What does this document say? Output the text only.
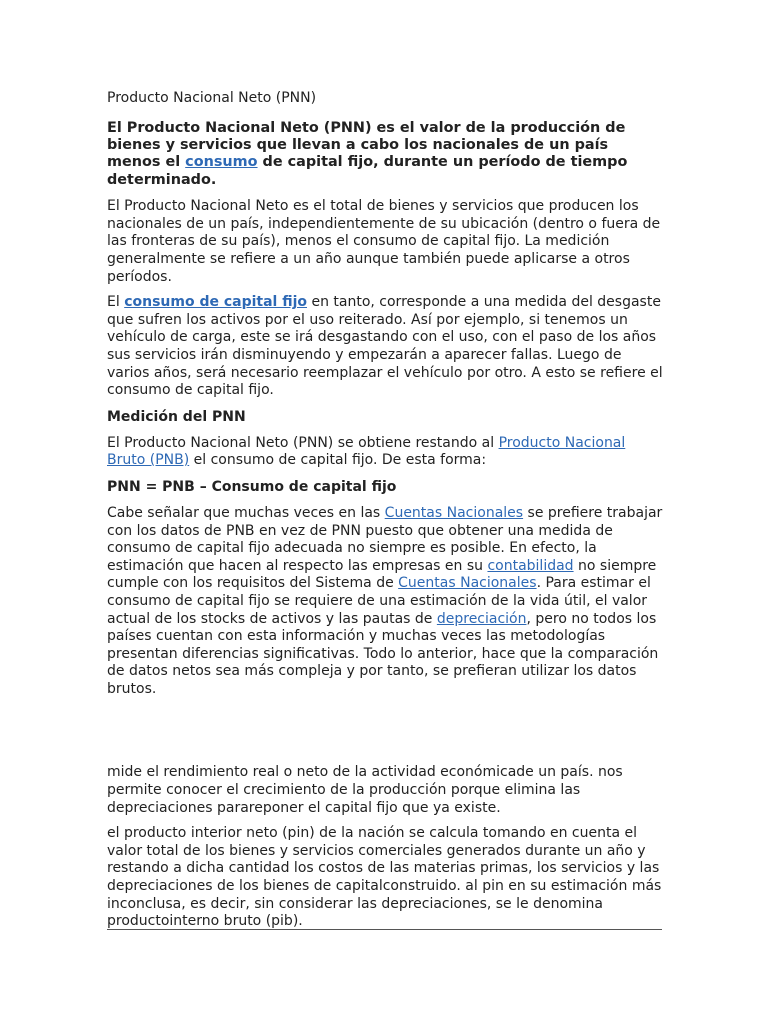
Producto Nacional Neto (PNN)

El Producto Nacional Neto (PNN) es el valor de la producción de bienes y servicios que llevan a cabo los nacionales de un país menos el consumo de capital fijo, durante un período de tiempo determinado.

El Producto Nacional Neto es el total de bienes y servicios que producen los nacionales de un país, independientemente de su ubicación (dentro o fuera de las fronteras de su país), menos el consumo de capital fijo. La medición generalmente se refiere a un año aunque también puede aplicarse a otros períodos.

El consumo de capital fijo en tanto, corresponde a una medida del desgaste que sufren los activos por el uso reiterado. Así por ejemplo, si tenemos un vehículo de carga, este se irá desgastando con el uso, con el paso de los años sus servicios irán disminuyendo y empezarán a aparecer fallas. Luego de varios años, será necesario reemplazar el vehículo por otro. A esto se refiere el consumo de capital fijo.

Medición del PNN

El Producto Nacional Neto (PNN) se obtiene restando al Producto Nacional Bruto (PNB) el consumo de capital fijo. De esta forma:

PNN = PNB – Consumo de capital fijo

Cabe señalar que muchas veces en las Cuentas Nacionales se prefiere trabajar con los datos de PNB en vez de PNN puesto que obtener una medida de consumo de capital fijo adecuada no siempre es posible. En efecto, la estimación que hacen al respecto las empresas en su contabilidad no siempre cumple con los requisitos del Sistema de Cuentas Nacionales. Para estimar el consumo de capital fijo se requiere de una estimación de la vida útil, el valor actual de los stocks de activos y las pautas de depreciación, pero no todos los países cuentan con esta información y muchas veces las metodologías presentan diferencias significativas. Todo lo anterior, hace que la comparación de datos netos sea más compleja y por tanto, se prefieran utilizar los datos brutos.

mide el rendimiento real o neto de la actividad económicade un país. nos permite conocer el crecimiento de la producción porque elimina las depreciaciones parareponer el capital fijo que ya existe.

el producto interior neto (pin) de la nación se calcula tomando en cuenta el valor total de los bienes y servicios comerciales generados durante un año y restando a dicha cantidad los costos de las materias primas, los servicios y las depreciaciones de los bienes de capitalconstruido. al pin en su estimación más inconclusa, es decir, sin considerar las depreciaciones, se le denomina productointerno bruto (pib).
